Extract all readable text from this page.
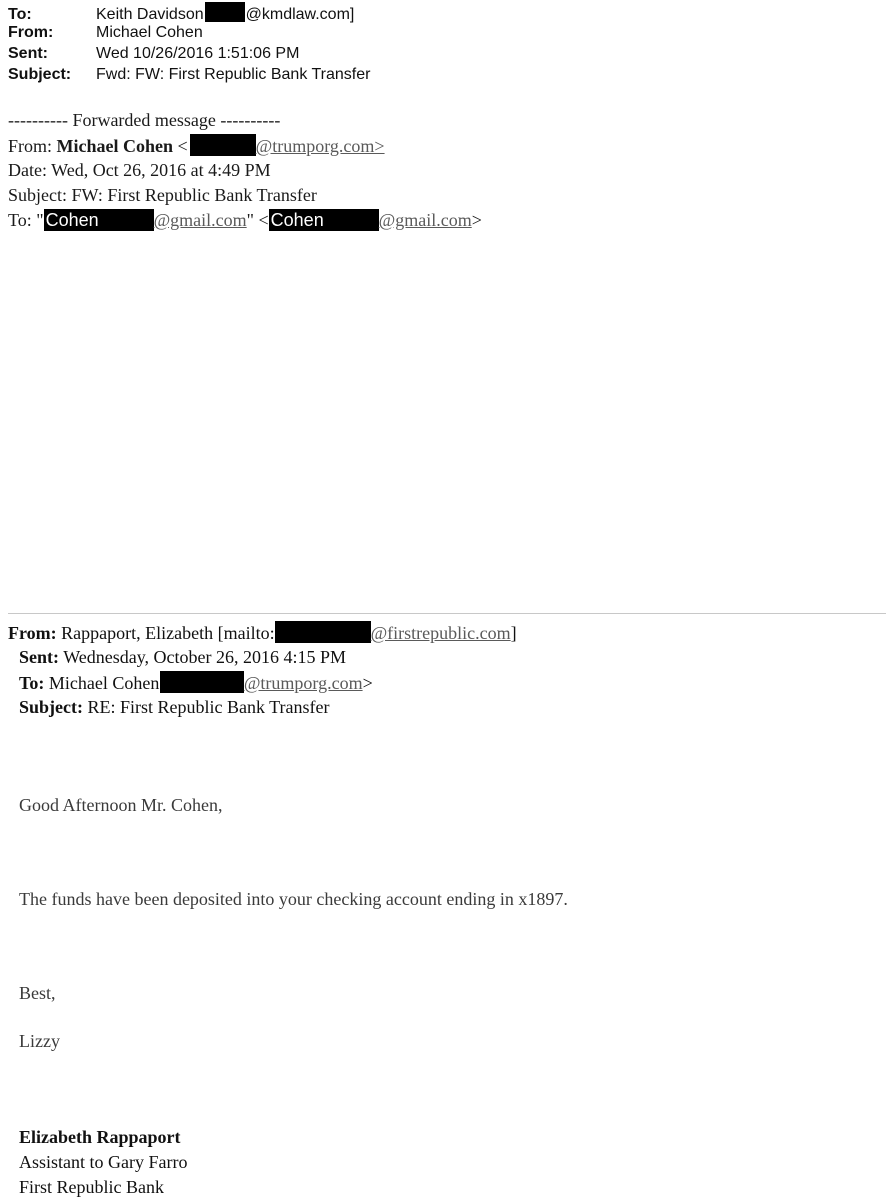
To:	Keith Davidson	@kmdlaw.com]
From:	Michael Cohen
Sent:	Wed 10/26/2016 1:51:06 PM
Subject: Fwd: FW: First Republic Bank Transfer
---------- Forwarded message ----------
From: Michael Cohen <	@trumporg.com>
Date: Wed, Oct 26, 2016 at 4:49 PM
Subject: FW: First Republic Bank Transfer
To: " Cohen	@gmail.com" < Cohen	@gmail.com>
From: Rappaport, Elizabeth [mailto:	@firstrepublic.com]
Sent: Wednesday, October 26, 2016 4:15 PM
To: Michael Cohen	@trumporg.com>
Subject: RE: First Republic Bank Transfer
Good Afternoon Mr. Cohen,
The funds have been deposited into your checking account ending in x1897.
Best,
Lizzy
Elizabeth Rappaport
Assistant to Gary Farro
First Republic Bank
